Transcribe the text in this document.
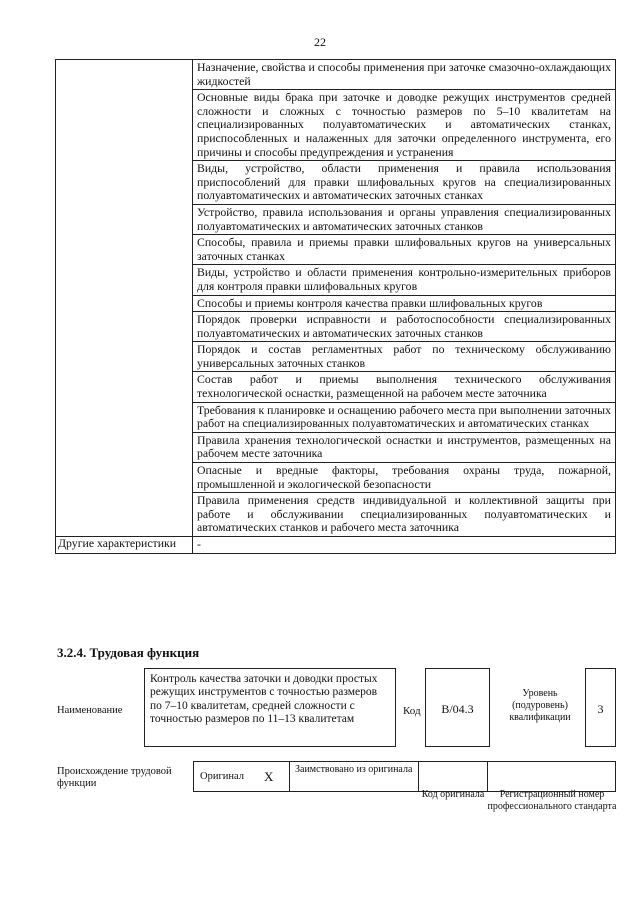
22
	Назначение, свойства и способы применения при заточке смазочно-охлаждающих жидкостей
	Основные виды брака при заточке и доводке режущих инструментов средней сложности и сложных с точностью размеров по 5–10 квалитетам на специализированных полуавтоматических и автоматических станках, приспособленных и налаженных для заточки определенного инструмента, его причины и способы предупреждения и устранения
	Виды, устройство, области применения и правила использования приспособлений для правки шлифовальных кругов на специализированных полуавтоматических и автоматических заточных станках
	Устройство, правила использования и органы управления специализированных полуавтоматических и автоматических заточных станков
	Способы, правила и приемы правки шлифовальных кругов на универсальных заточных станках
	Виды, устройство и области применения контрольно-измерительных приборов для контроля правки шлифовальных кругов
	Способы и приемы контроля качества правки шлифовальных кругов
	Порядок проверки исправности и работоспособности специализированных полуавтоматических и автоматических заточных станков
	Порядок и состав регламентных работ по техническому обслуживанию универсальных заточных станков
	Состав работ и приемы выполнения технического обслуживания технологической оснастки, размещенной на рабочем месте заточника
	Требования к планировке и оснащению рабочего места при выполнении заточных работ на специализированных полуавтоматических и автоматических станках
	Правила хранения технологической оснастки и инструментов, размещенных на рабочем месте заточника
	Опасные и вредные факторы, требования охраны труда, пожарной, промышленной и экологической безопасности
	Правила применения средств индивидуальной и коллективной защиты при работе и обслуживании специализированных полуавтоматических и автоматических станков и рабочего места заточника
Другие характеристики	-
3.2.4. Трудовая функция
Наименование
Контроль качества заточки и доводки простых режущих инструментов с точностью размеров по 7–10 квалитетам, средней сложности с точностью размеров по 11–13 квалитетам
Код	B/04.3
Уровень (подуровень) квалификации
3
Происхождение трудовой функции
Оригинал X	Заимствовано из оригинала
Код оригинала	Регистрационный номер профессионального стандарта
